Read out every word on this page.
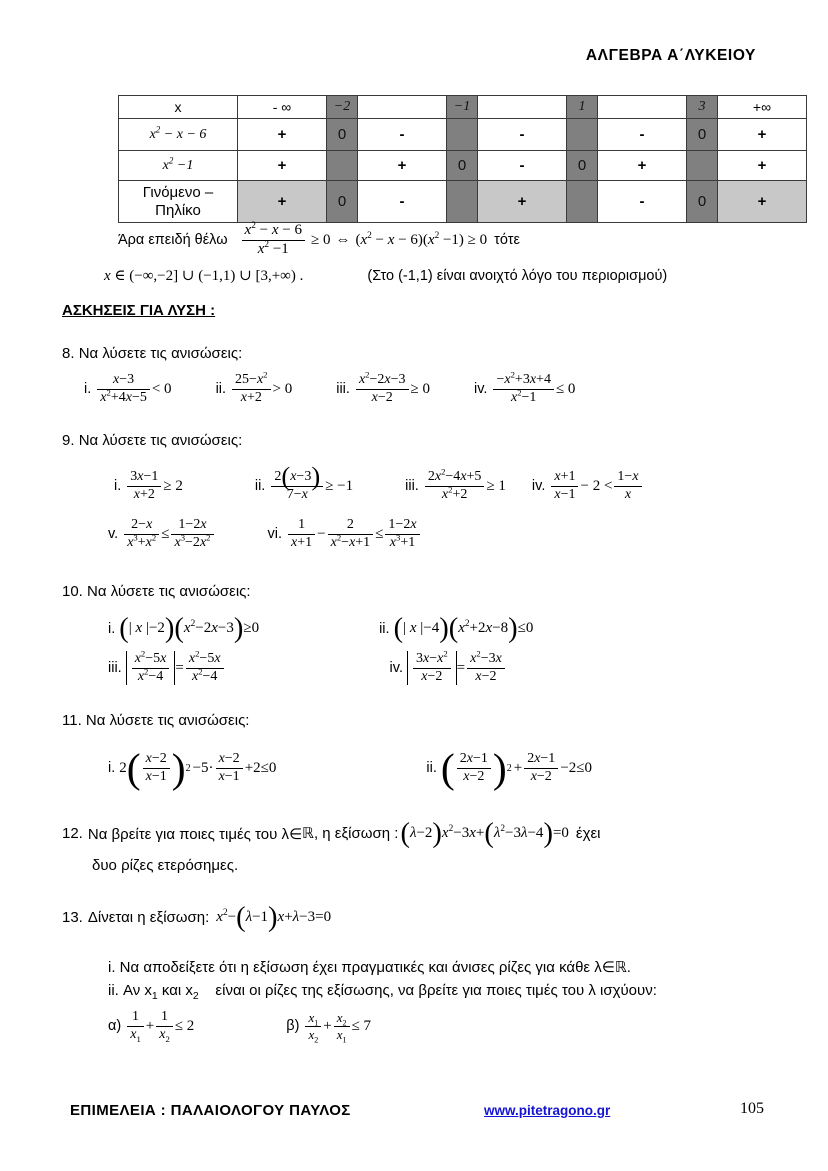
ΑΛΓΕΒΡΑ Α΄ΛΥΚΕΙΟΥ
x	- ∞	−2		−1		1		3	+∞
$x^2 - x - 6$	+	0	-		-		-	0	+
$x^2 -1$	+		+	0	-	0	+		+
Γινόμενο –
Πηλίκο	+	0	-		+		-	0	+
Άρα επειδή θέλω $\frac{x^2 - x - 6}{x^2 -1} \ge 0$ ⇔ $(x^2 - x - 6)(x^2 -1) \ge 0$ τότε
x ∈ (−∞,−2] ∪ (−1,1) ∪ [3,+∞) .	(Στο (-1,1) είναι ανοιχτό λόγο του περιορισμού)
ΑΣΚΗΣΕΙΣ ΓΙΑ ΛΥΣΗ :
8. Να λύσετε τις ανισώσεις:
i. $\frac{x-3}{x^2+4x-5} < 0$	ii. $\frac{25-x^2}{x+2} > 0$	iii. $\frac{x^2-2x-3}{x-2} \ge 0$	iv. $\frac{-x^2+3x+4}{x^2-1} \le 0$
9. Να λύσετε τις ανισώσεις:
i. $\frac{3x-1}{x+2} \ge 2$	ii. $\frac{2(x-3)}{7-x} \ge -1$	iii. $\frac{2x^2-4x+5}{x^2+2} \ge 1$ iv. $\frac{x+1}{x-1} - 2 < \frac{1-x}{x}$
v. $\frac{2-x}{x^3+x^2} \le \frac{1-2x}{x^3-2x^2}$	vi. $\frac{1}{x+1} - \frac{2}{x^2-x+1} \le \frac{1-2x}{x^3+1}$
10. Να λύσετε τις ανισώσεις:
i. (| x $|-2)(x^2-2x-3)\ge 0$	ii. (| x $|-4)(x^2+2x-8)\le 0$
iii. $\frac{x^2-5x}{x^2-4} = \frac{x^2-5x}{x^2-4}$	iv. $\frac{3x-x^2}{x-2} = \frac{x^2-3x}{x-2}$
11. Να λύσετε τις ανισώσεις:
i. 2 ( $\frac{x-2}{x-1}$ ) $2 -5\cdot \frac{x-2}{x-1} +2\le 0$	ii. ( $\frac{2x-1}{x-2}$ ) $2 + \frac{2x-1}{x-2} -2\le 0$
12. Να βρείτε για ποιες τιμές του λ∈ ℝ , η εξίσωση : $(\lambda-2)x^2-3x+(\lambda^2-3\lambda-4)=0$ έχει
δυο ρίζες ετερόσημες.
13. Δίνεται η εξίσωση: $x^2-(\lambda-1)x+\lambda-3=0$
i. Να αποδείξετε ότι η εξίσωση έχει πραγματικές και άνισες ρίζες για κάθε λ∈ℝ.
ii. Αν $x_1$ και $x_2$    είναι οι ρίζες της εξίσωσης, να βρείτε για ποιες τιμές του λ ισχύουν:
$\alpha) \frac{1}{x_1} + \frac{1}{x_2} \le 2$	$\beta) \frac{x_1}{x_2} + \frac{x_2}{x_1} \le 7$
ΕΠΙΜΕΛΕΙΑ : ΠΑΛΑΙΟΛΟΓΟΥ ΠΑΥΛΟΣ	www.pitetragono.gr	105
